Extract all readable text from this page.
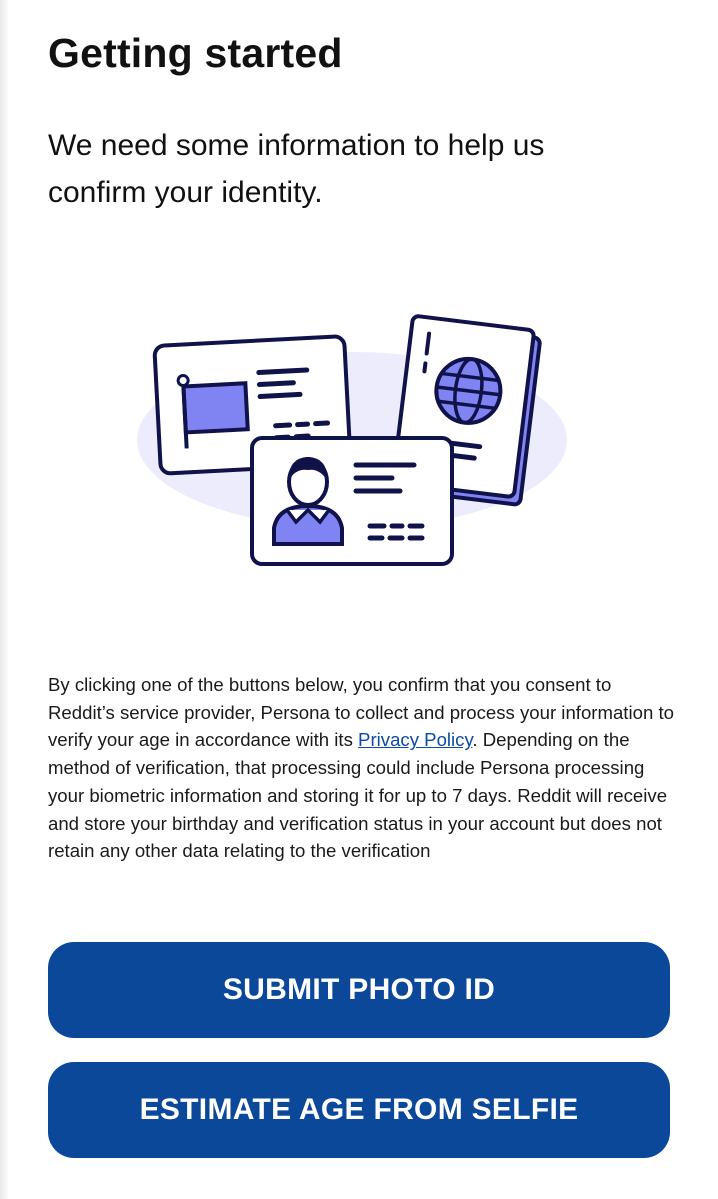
Getting started

We need some information to help us confirm your identity.

By clicking one of the buttons below, you confirm that you consent to Reddit’s service provider, Persona to collect and process your information to verify your age in accordance with its Privacy Policy. Depending on the method of verification, that processing could include Persona processing your biometric information and storing it for up to 7 days. Reddit will receive and store your birthday and verification status in your account but does not retain any other data relating to the verification

SUBMIT PHOTO ID
ESTIMATE AGE FROM SELFIE
